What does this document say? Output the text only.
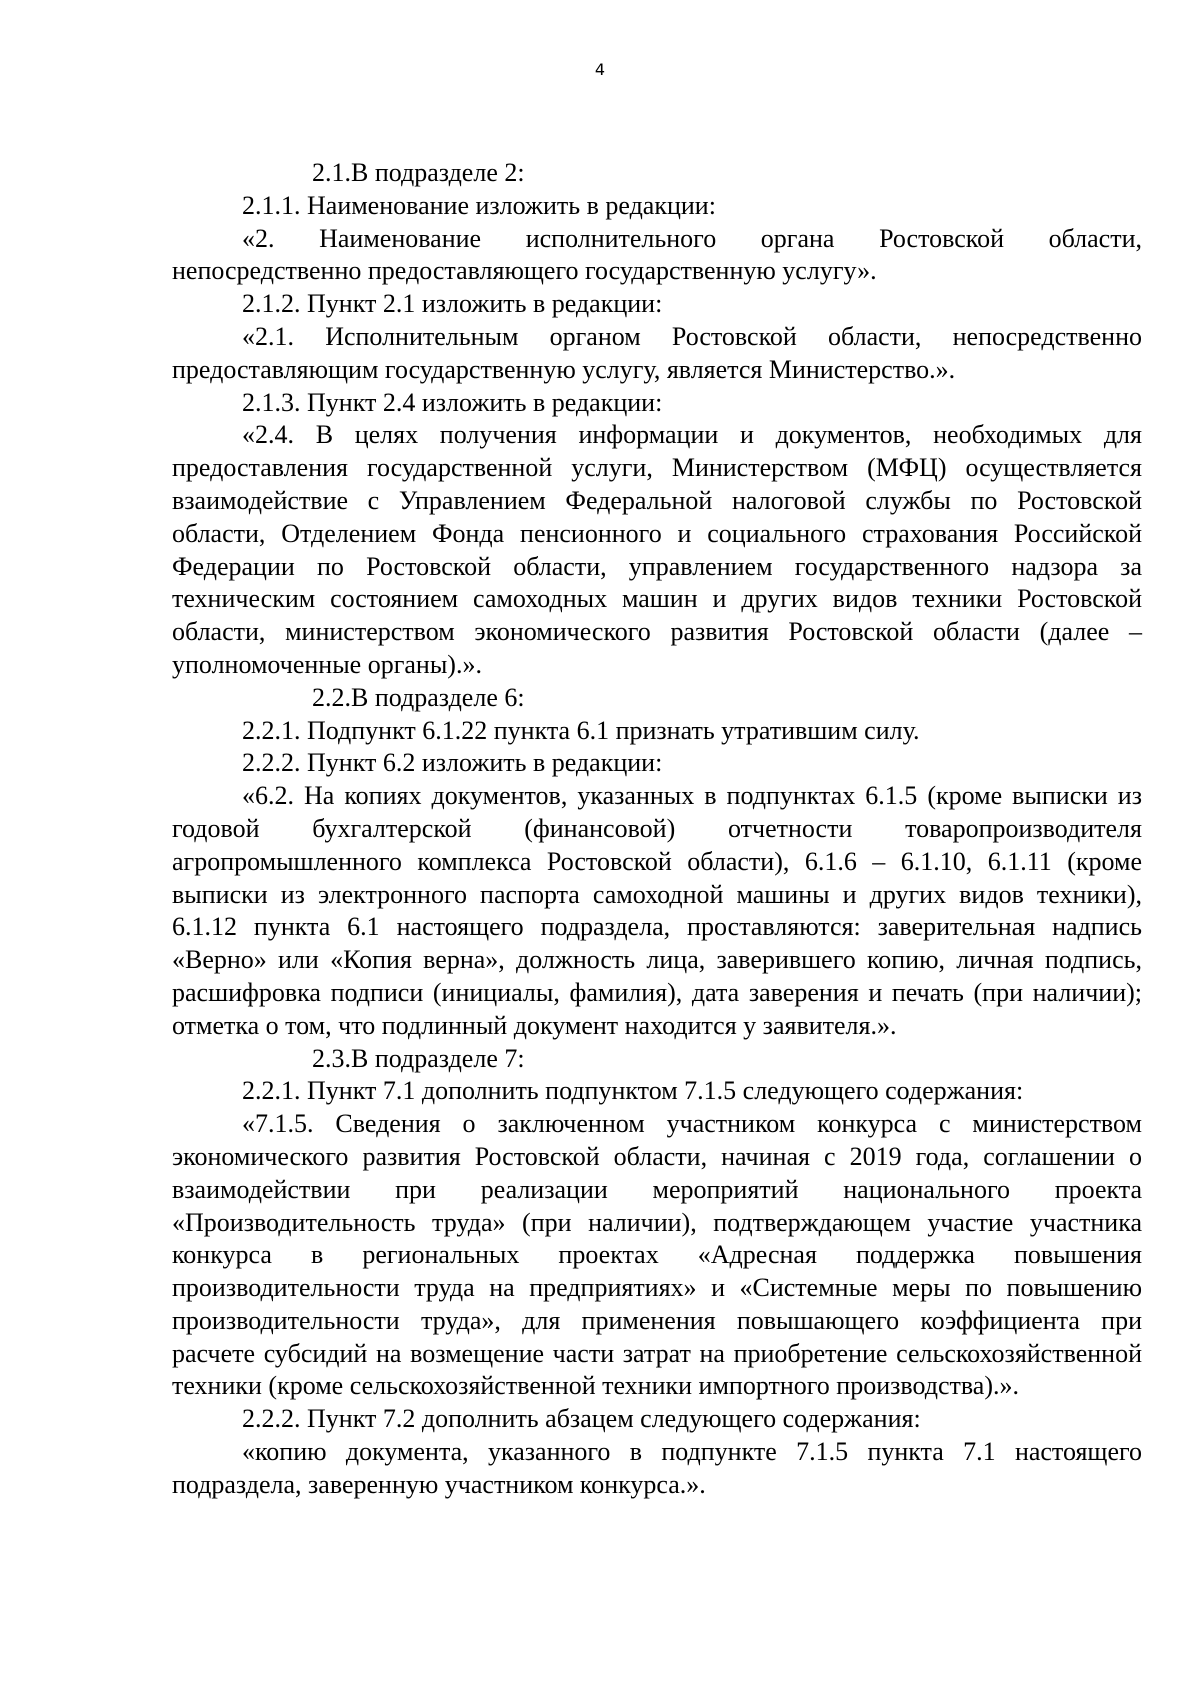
4

2.1.В подразделе 2:

2.1.1. Наименование изложить в редакции:

«2. Наименование исполнительного органа Ростовской области, непосредственно предоставляющего государственную услугу».

2.1.2. Пункт 2.1 изложить в редакции:

«2.1. Исполнительным органом Ростовской области, непосредственно предоставляющим государственную услугу, является Министерство.».

2.1.3. Пункт 2.4 изложить в редакции:

«2.4. В целях получения информации и документов, необходимых для предоставления государственной услуги, Министерством (МФЦ) осуществляется взаимодействие с Управлением Федеральной налоговой службы по Ростовской области, Отделением Фонда пенсионного и социального страхования Российской Федерации по Ростовской области, управлением государственного надзора за техническим состоянием самоходных машин и других видов техники Ростовской области, министерством экономического развития Ростовской области (далее – уполномоченные органы).».

2.2.В подразделе 6:

2.2.1. Подпункт 6.1.22 пункта 6.1 признать утратившим силу.

2.2.2. Пункт 6.2 изложить в редакции:

«6.2. На копиях документов, указанных в подпунктах 6.1.5 (кроме выписки из годовой бухгалтерской (финансовой) отчетности товаропроизводителя агропромышленного комплекса Ростовской области), 6.1.6 – 6.1.10, 6.1.11 (кроме выписки из электронного паспорта самоходной машины и других видов техники), 6.1.12 пункта 6.1 настоящего подраздела, проставляются: заверительная надпись «Верно» или «Копия верна», должность лица, заверившего копию, личная подпись, расшифровка подписи (инициалы, фамилия), дата заверения и печать (при наличии); отметка о том, что подлинный документ находится у заявителя.».

2.3.В подразделе 7:

2.2.1. Пункт 7.1 дополнить подпунктом 7.1.5 следующего содержания:

«7.1.5. Сведения о заключенном участником конкурса с министерством экономического развития Ростовской области, начиная с 2019 года, соглашении о взаимодействии при реализации мероприятий национального проекта «Производительность труда» (при наличии), подтверждающем участие участника конкурса в региональных проектах «Адресная поддержка повышения производительности труда на предприятиях» и «Системные меры по повышению производительности труда», для применения повышающего коэффициента при расчете субсидий на возмещение части затрат на приобретение сельскохозяйственной техники (кроме сельскохозяйственной техники импортного производства).».

2.2.2. Пункт 7.2 дополнить абзацем следующего содержания:

«копию документа, указанного в подпункте 7.1.5 пункта 7.1 настоящего подраздела, заверенную участником конкурса.».
